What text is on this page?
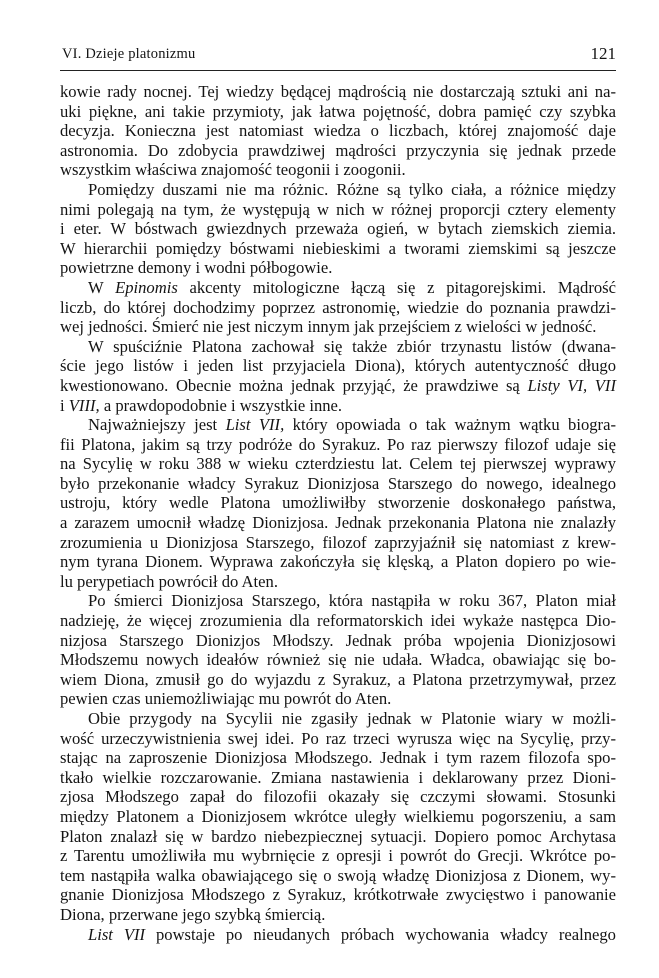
VI. Dzieje platonizmu	121
kowie rady nocnej. Tej wiedzy będącej mądrością nie dostarczają sztuki ani na-
uki piękne, ani takie przymioty, jak łatwa pojętność, dobra pamięć czy szybka
decyzja. Konieczna jest natomiast wiedza o liczbach, której znajomość daje
astronomia. Do zdobycia prawdziwej mądrości przyczynia się jednak przede
wszystkim właściwa znajomość teogonii i zoogonii.
Pomiędzy duszami nie ma różnic. Różne są tylko ciała, a różnice między
nimi polegają na tym, że występują w nich w różnej proporcji cztery elementy
i eter. W bóstwach gwiezdnych przeważa ogień, w bytach ziemskich ziemia.
W hierarchii pomiędzy bóstwami niebieskimi a tworami ziemskimi są jeszcze
powietrzne demony i wodni półbogowie.
W Epinomis akcenty mitologiczne łączą się z pitagorejskimi. Mądrość
liczb, do której dochodzimy poprzez astronomię, wiedzie do poznania prawdzi-
wej jedności. Śmierć nie jest niczym innym jak przejściem z wielości w jedność.
W spuściźnie Platona zachował się także zbiór trzynastu listów (dwana-
ście jego listów i jeden list przyjaciela Diona), których autentyczność długo
kwestionowano. Obecnie można jednak przyjąć, że prawdziwe są Listy VI, VII
i VIII, a prawdopodobnie i wszystkie inne.
Najważniejszy jest List VII, który opowiada o tak ważnym wątku biogra-
fii Platona, jakim są trzy podróże do Syrakuz. Po raz pierwszy filozof udaje się
na Sycylię w roku 388 w wieku czterdziestu lat. Celem tej pierwszej wyprawy
było przekonanie władcy Syrakuz Dionizjosa Starszego do nowego, idealnego
ustroju, który wedle Platona umożliwiłby stworzenie doskonałego państwa,
a zarazem umocnił władzę Dionizjosa. Jednak przekonania Platona nie znalazły
zrozumienia u Dionizjosa Starszego, filozof zaprzyjaźnił się natomiast z krew-
nym tyrana Dionem. Wyprawa zakończyła się klęską, a Platon dopiero po wie-
lu perypetiach powrócił do Aten.
Po śmierci Dionizjosa Starszego, która nastąpiła w roku 367, Platon miał
nadzieję, że więcej zrozumienia dla reformatorskich idei wykaże następca Dio-
nizjosa Starszego Dionizjos Młodszy. Jednak próba wpojenia Dionizjosowi
Młodszemu nowych ideałów również się nie udała. Władca, obawiając się bo-
wiem Diona, zmusił go do wyjazdu z Syrakuz, a Platona przetrzymywał, przez
pewien czas uniemożliwiając mu powrót do Aten.
Obie przygody na Sycylii nie zgasiły jednak w Platonie wiary w możli-
wość urzeczywistnienia swej idei. Po raz trzeci wyrusza więc na Sycylię, przy-
stając na zaproszenie Dionizjosa Młodszego. Jednak i tym razem filozofa spo-
tkało wielkie rozczarowanie. Zmiana nastawienia i deklarowany przez Dioni-
zjosa Młodszego zapał do filozofii okazały się czczymi słowami. Stosunki
między Platonem a Dionizjosem wkrótce uległy wielkiemu pogorszeniu, a sam
Platon znalazł się w bardzo niebezpiecznej sytuacji. Dopiero pomoc Archytasa
z Tarentu umożliwiła mu wybrnięcie z opresji i powrót do Grecji. Wkrótce po-
tem nastąpiła walka obawiającego się o swoją władzę Dionizjosa z Dionem, wy-
gnanie Dionizjosa Młodszego z Syrakuz, krótkotrwałe zwycięstwo i panowanie
Diona, przerwane jego szybką śmiercią.
List VII powstaje po nieudanych próbach wychowania władcy realnego
